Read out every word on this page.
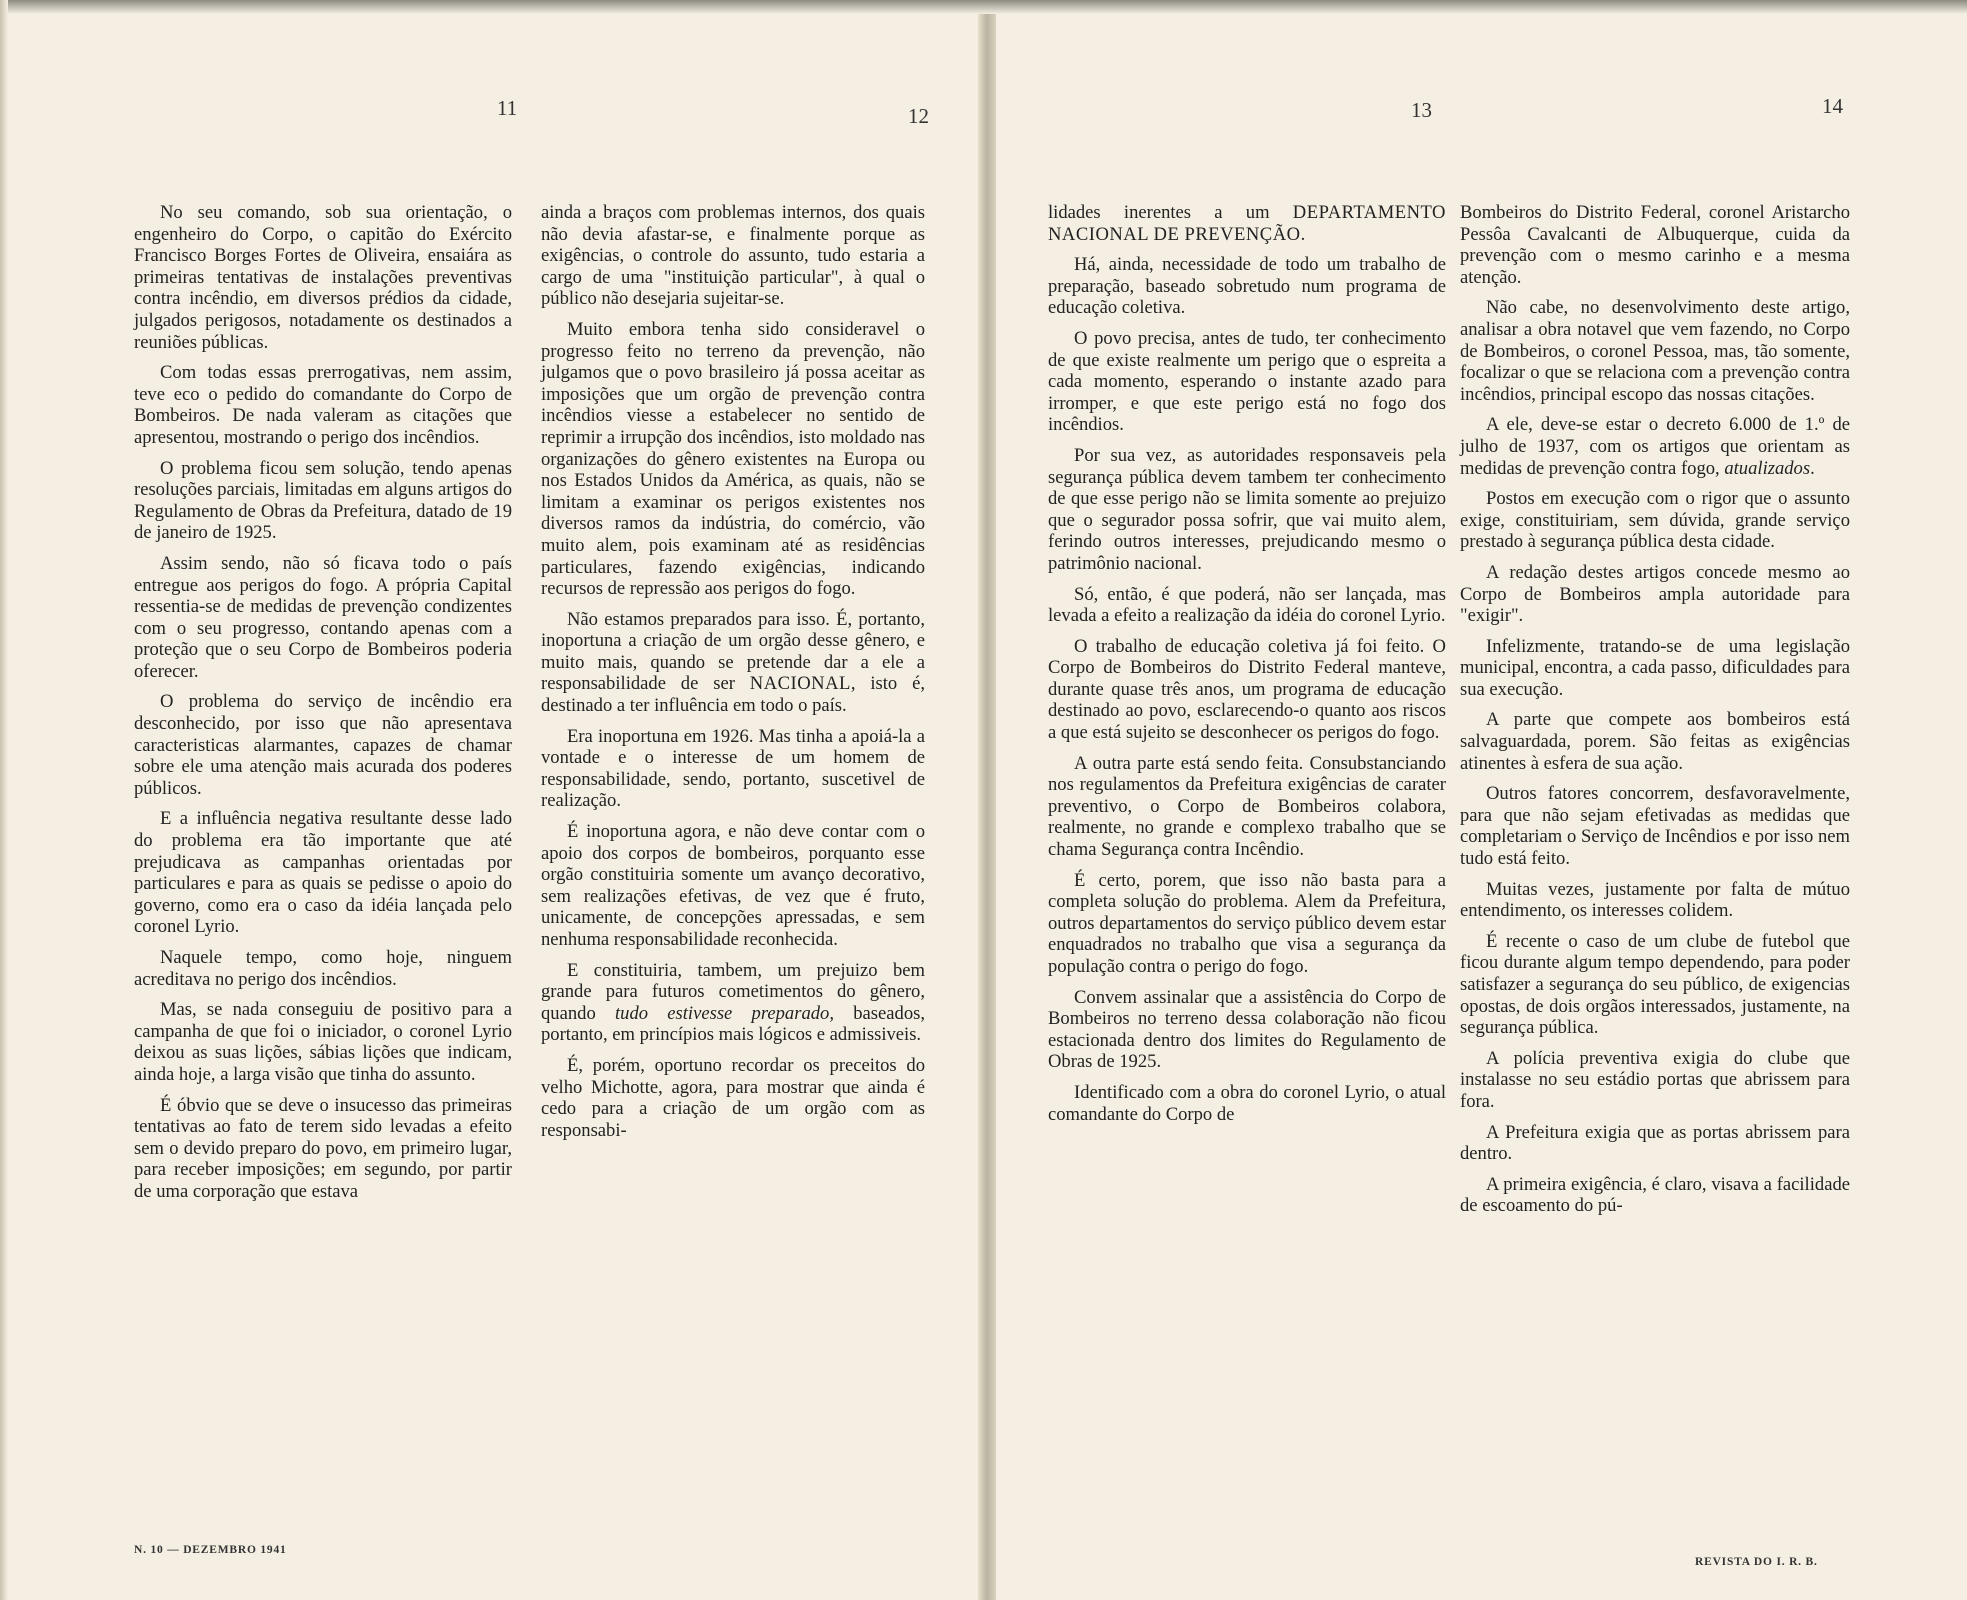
11	12	13	14

No seu comando, sob sua orientação, o engenheiro do Corpo, o capitão do Exército Francisco Borges Fortes de Oliveira, ensaiára as primeiras tentativas de instalações preventivas contra incêndio, em diversos prédios da cidade, julgados perigosos, notadamente os destinados a reuniões públicas.

Com todas essas prerrogativas, nem assim, teve eco o pedido do comandante do Corpo de Bombeiros. De nada valeram as citações que apresentou, mostrando o perigo dos incêndios.

O problema ficou sem solução, tendo apenas resoluções parciais, limitadas em alguns artigos do Regulamento de Obras da Prefeitura, datado de 19 de janeiro de 1925.

Assim sendo, não só ficava todo o país entregue aos perigos do fogo. A própria Capital ressentia-se de medidas de prevenção condizentes com o seu progresso, contando apenas com a proteção que o seu Corpo de Bombeiros poderia oferecer.

O problema do serviço de incêndio era desconhecido, por isso que não apresentava caracteristicas alarmantes, capazes de chamar sobre ele uma atenção mais acurada dos poderes públicos.

E a influência negativa resultante desse lado do problema era tão importante que até prejudicava as campanhas orientadas por particulares e para as quais se pedisse o apoio do governo, como era o caso da idéia lançada pelo coronel Lyrio.

Naquele tempo, como hoje, ninguem acreditava no perigo dos incêndios.

Mas, se nada conseguiu de positivo para a campanha de que foi o iniciador, o coronel Lyrio deixou as suas lições, sábias lições que indicam, ainda hoje, a larga visão que tinha do assunto.

É óbvio que se deve o insucesso das primeiras tentativas ao fato de terem sido levadas a efeito sem o devido preparo do povo, em primeiro lugar, para receber imposições; em segundo, por partir de uma corporação que estava

ainda a braços com problemas internos, dos quais não devia afastar-se, e finalmente porque as exigências, o controle do assunto, tudo estaria a cargo de uma "instituição particular", à qual o público não desejaria sujeitar-se.

Muito embora tenha sido consideravel o progresso feito no terreno da prevenção, não julgamos que o povo brasileiro já possa aceitar as imposições que um orgão de prevenção contra incêndios viesse a estabelecer no sentido de reprimir a irrupção dos incêndios, isto moldado nas organizações do gênero existentes na Europa ou nos Estados Unidos da América, as quais, não se limitam a examinar os perigos existentes nos diversos ramos da indústria, do comércio, vão muito alem, pois examinam até as residências particulares, fazendo exigências, indicando recursos de repressão aos perigos do fogo.

Não estamos preparados para isso. É, portanto, inoportuna a criação de um orgão desse gênero, e muito mais, quando se pretende dar a ele a responsabilidade de ser NACIONAL, isto é, destinado a ter influência em todo o país.

Era inoportuna em 1926. Mas tinha a apoiá-la a vontade e o interesse de um homem de responsabilidade, sendo, portanto, suscetivel de realização.

É inoportuna agora, e não deve contar com o apoio dos corpos de bombeiros, porquanto esse orgão constituiria somente um avanço decorativo, sem realizações efetivas, de vez que é fruto, unicamente, de concepções apressadas, e sem nenhuma responsabilidade reconhecida.

E constituiria, tambem, um prejuizo bem grande para futuros cometimentos do gênero, quando tudo estivesse preparado, baseados, portanto, em princípios mais lógicos e admissiveis.

É, porém, oportuno recordar os preceitos do velho Michotte, agora, para mostrar que ainda é cedo para a criação de um orgão com as responsabi-

lidades inerentes a um DEPARTAMENTO NACIONAL DE PREVENÇÃO.

Há, ainda, necessidade de todo um trabalho de preparação, baseado sobretudo num programa de educação coletiva.

O povo precisa, antes de tudo, ter conhecimento de que existe realmente um perigo que o espreita a cada momento, esperando o instante azado para irromper, e que este perigo está no fogo dos incêndios.

Por sua vez, as autoridades responsaveis pela segurança pública devem tambem ter conhecimento de que esse perigo não se limita somente ao prejuizo que o segurador possa sofrir, que vai muito alem, ferindo outros interesses, prejudicando mesmo o patrimônio nacional.

Só, então, é que poderá, não ser lançada, mas levada a efeito a realização da idéia do coronel Lyrio.

O trabalho de educação coletiva já foi feito. O Corpo de Bombeiros do Distrito Federal manteve, durante quase três anos, um programa de educação destinado ao povo, esclarecendo-o quanto aos riscos a que está sujeito se desconhecer os perigos do fogo.

A outra parte está sendo feita. Consubstanciando nos regulamentos da Prefeitura exigências de carater preventivo, o Corpo de Bombeiros colabora, realmente, no grande e complexo trabalho que se chama Segurança contra Incêndio.

É certo, porem, que isso não basta para a completa solução do problema. Alem da Prefeitura, outros departamentos do serviço público devem estar enquadrados no trabalho que visa a segurança da população contra o perigo do fogo.

Convem assinalar que a assistência do Corpo de Bombeiros no terreno dessa colaboração não ficou estacionada dentro dos limites do Regulamento de Obras de 1925.

Identificado com a obra do coronel Lyrio, o atual comandante do Corpo de

Bombeiros do Distrito Federal, coronel Aristarcho Pessôa Cavalcanti de Albuquerque, cuida da prevenção com o mesmo carinho e a mesma atenção.

Não cabe, no desenvolvimento deste artigo, analisar a obra notavel que vem fazendo, no Corpo de Bombeiros, o coronel Pessoa, mas, tão somente, focalizar o que se relaciona com a prevenção contra incêndios, principal escopo das nossas citações.

A ele, deve-se estar o decreto 6.000 de 1.º de julho de 1937, com os artigos que orientam as medidas de prevenção contra fogo, atualizados.

Postos em execução com o rigor que o assunto exige, constituiriam, sem dúvida, grande serviço prestado à segurança pública desta cidade.

A redação destes artigos concede mesmo ao Corpo de Bombeiros ampla autoridade para "exigir".

Infelizmente, tratando-se de uma legislação municipal, encontra, a cada passo, dificuldades para sua execução.

A parte que compete aos bombeiros está salvaguardada, porem. São feitas as exigências atinentes à esfera de sua ação.

Outros fatores concorrem, desfavoravelmente, para que não sejam efetivadas as medidas que completariam o Serviço de Incêndios e por isso nem tudo está feito.

Muitas vezes, justamente por falta de mútuo entendimento, os interesses colidem.

É recente o caso de um clube de futebol que ficou durante algum tempo dependendo, para poder satisfazer a segurança do seu público, de exigencias opostas, de dois orgãos interessados, justamente, na segurança pública.

A polícia preventiva exigia do clube que instalasse no seu estádio portas que abrissem para fora.

A Prefeitura exigia que as portas abrissem para dentro.

A primeira exigência, é claro, visava a facilidade de escoamento do pú-

N. 10 — DEZEMBRO 1941
REVISTA DO I. R. B.
